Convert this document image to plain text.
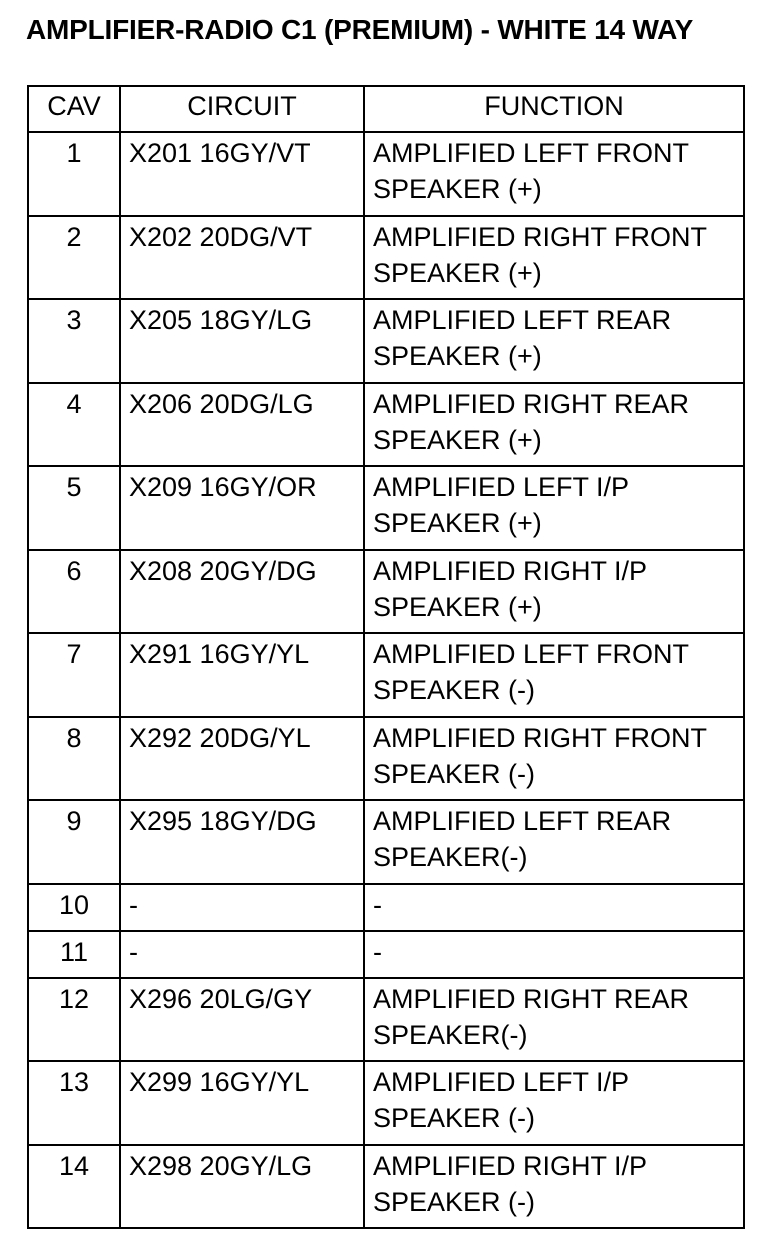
AMPLIFIER-RADIO C1 (PREMIUM) - WHITE 14 WAY
CAV	CIRCUIT	FUNCTION
1	X201 16GY/VT	AMPLIFIED LEFT FRONT SPEAKER (+)
2	X202 20DG/VT	AMPLIFIED RIGHT FRONT SPEAKER (+)
3	X205 18GY/LG	AMPLIFIED LEFT REAR SPEAKER (+)
4	X206 20DG/LG	AMPLIFIED RIGHT REAR SPEAKER (+)
5	X209 16GY/OR	AMPLIFIED LEFT I/P SPEAKER (+)
6	X208 20GY/DG	AMPLIFIED RIGHT I/P SPEAKER (+)
7	X291 16GY/YL	AMPLIFIED LEFT FRONT SPEAKER (-)
8	X292 20DG/YL	AMPLIFIED RIGHT FRONT SPEAKER (-)
9	X295 18GY/DG	AMPLIFIED LEFT REAR SPEAKER(-)
10	-	-
11	-	-
12	X296 20LG/GY	AMPLIFIED RIGHT REAR SPEAKER(-)
13	X299 16GY/YL	AMPLIFIED LEFT I/P SPEAKER (-)
14	X298 20GY/LG	AMPLIFIED RIGHT I/P SPEAKER (-)
